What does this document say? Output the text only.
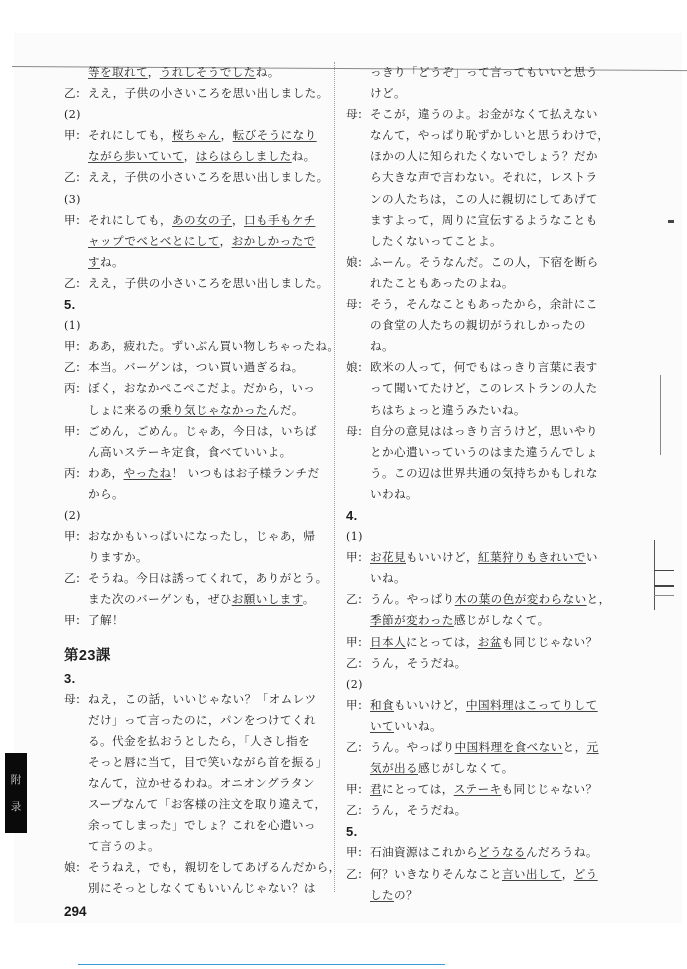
等を取れて，うれしそうでしたね。
乙: ええ，子供の小さいころを思い出しました。
(2)
甲: それにしても，桜ちゃん，転びそうになり
ながら歩いていて，はらはらしましたね。
乙: ええ，子供の小さいころを思い出しました。
(3)
甲: それにしても，あの女の子，口も手もケチ
ャップでべとべとにして，おかしかったで
すね。
乙: ええ，子供の小さいころを思い出しました。
5.
(1)
甲: ああ，疲れた。ずいぶん買い物しちゃったね。
乙: 本当。バーゲンは，つい買い過ぎるね。
丙: ぼく，おなかぺこぺこだよ。だから，いっ
しょに来るの乗り気じゃなかったんだ。
甲: ごめん，ごめん。じゃあ，今日は，いちば
ん高いステーキ定食，食べていいよ。
丙: わあ，やったね！ いつもはお子様ランチだ
から。
(2)
甲: おなかもいっぱいになったし，じゃあ，帰
りますか。
乙: そうね。今日は誘ってくれて，ありがとう。
また次のバーゲンも，ぜひお願いします。
甲: 了解！
第23課
3.
母: ねえ，この話，いいじゃない？「オムレツ
だけ」って言ったのに，パンをつけてくれ
る。代金を払おうとしたら，「人さし指を
そっと唇に当て，目で笑いながら首を振る」
なんて，泣かせるわね。オニオングラタン
スープなんて「お客様の注文を取り違えて，
余ってしまった」でしょ？これを心遣いっ
て言うのよ。
娘: そうねえ，でも，親切をしてあげるんだから，
別にそっとしなくてもいいんじゃない？は
っきり「どうぞ」って言ってもいいと思う
けど。
母: そこが，違うのよ。お金がなくて払えない
なんて，やっぱり恥ずかしいと思うわけで，
ほかの人に知られたくないでしょう？だか
ら大きな声で言わない。それに，レストラ
ンの人たちは，この人に親切にしてあげて
ますよって，周りに宣伝するようなことも
したくないってことよ。
娘: ふーん。そうなんだ。この人，下宿を断ら
れたこともあったのよね。
母: そう，そんなこともあったから，余計にこ
の食堂の人たちの親切がうれしかったの
ね。
娘: 欧米の人って，何でもはっきり言葉に表す
って聞いてたけど，このレストランの人た
ちはちょっと違うみたいね。
母: 自分の意見ははっきり言うけど，思いやり
とか心遣いっていうのはまた違うんでしょ
う。この辺は世界共通の気持ちかもしれな
いわね。
4.
(1)
甲: お花見もいいけど，紅葉狩りもきれいでい
いね。
乙: うん。やっぱり木の葉の色が変わらないと，
季節が変わった感じがしなくて。
甲: 日本人にとっては，お盆も同じじゃない？
乙: うん，そうだね。
(2)
甲: 和食もいいけど，中国料理はこってりして
いていいね。
乙: うん。やっぱり中国料理を食べないと，元
気が出る感じがしなくて。
甲: 君にとっては，ステーキも同じじゃない？
乙: うん，そうだね。
5.
甲: 石油資源はこれからどうなるんだろうね。
乙: 何？いきなりそんなこと言い出して，どう
したの？
附
录
294
